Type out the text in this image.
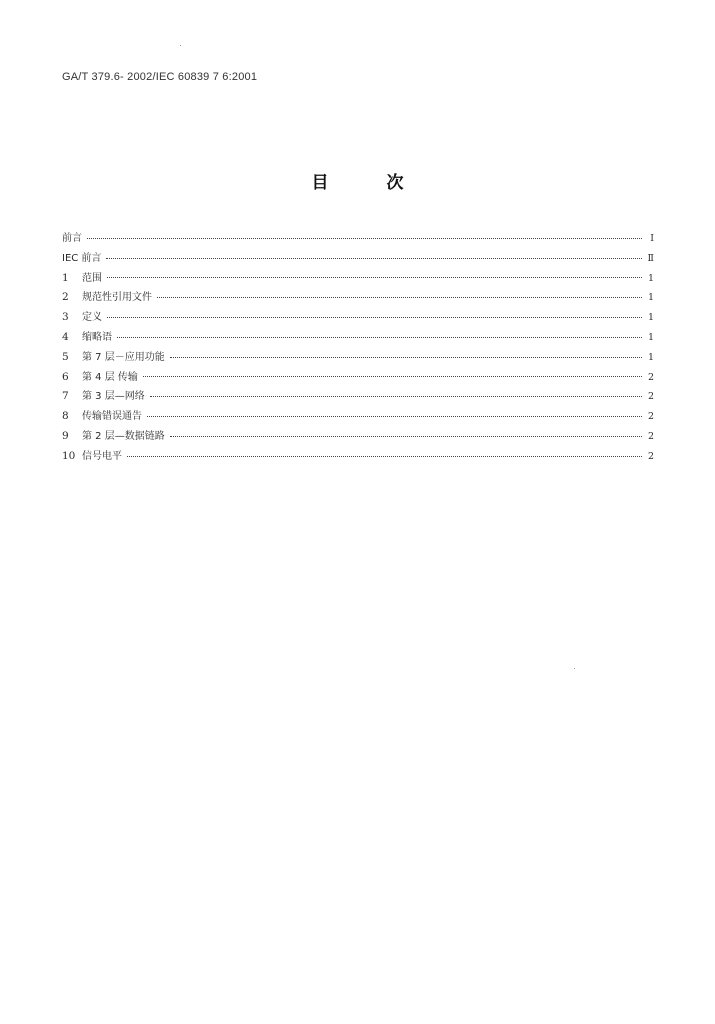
GA/T 379.6- 2002/IEC 60839 7 6:2001
目	次
前言	I
IEC 前言	Ⅱ
1	范围	1
2	规范性引用文件	1
3	定义	1
4	缩略语	1
5	第 7 层－应用功能	1
6	第 4 层 传输	2
7	第 3 层—网络	2
8	传输错误通告	2
9	第 2 层—数据链路	2
10 信号电平	2
